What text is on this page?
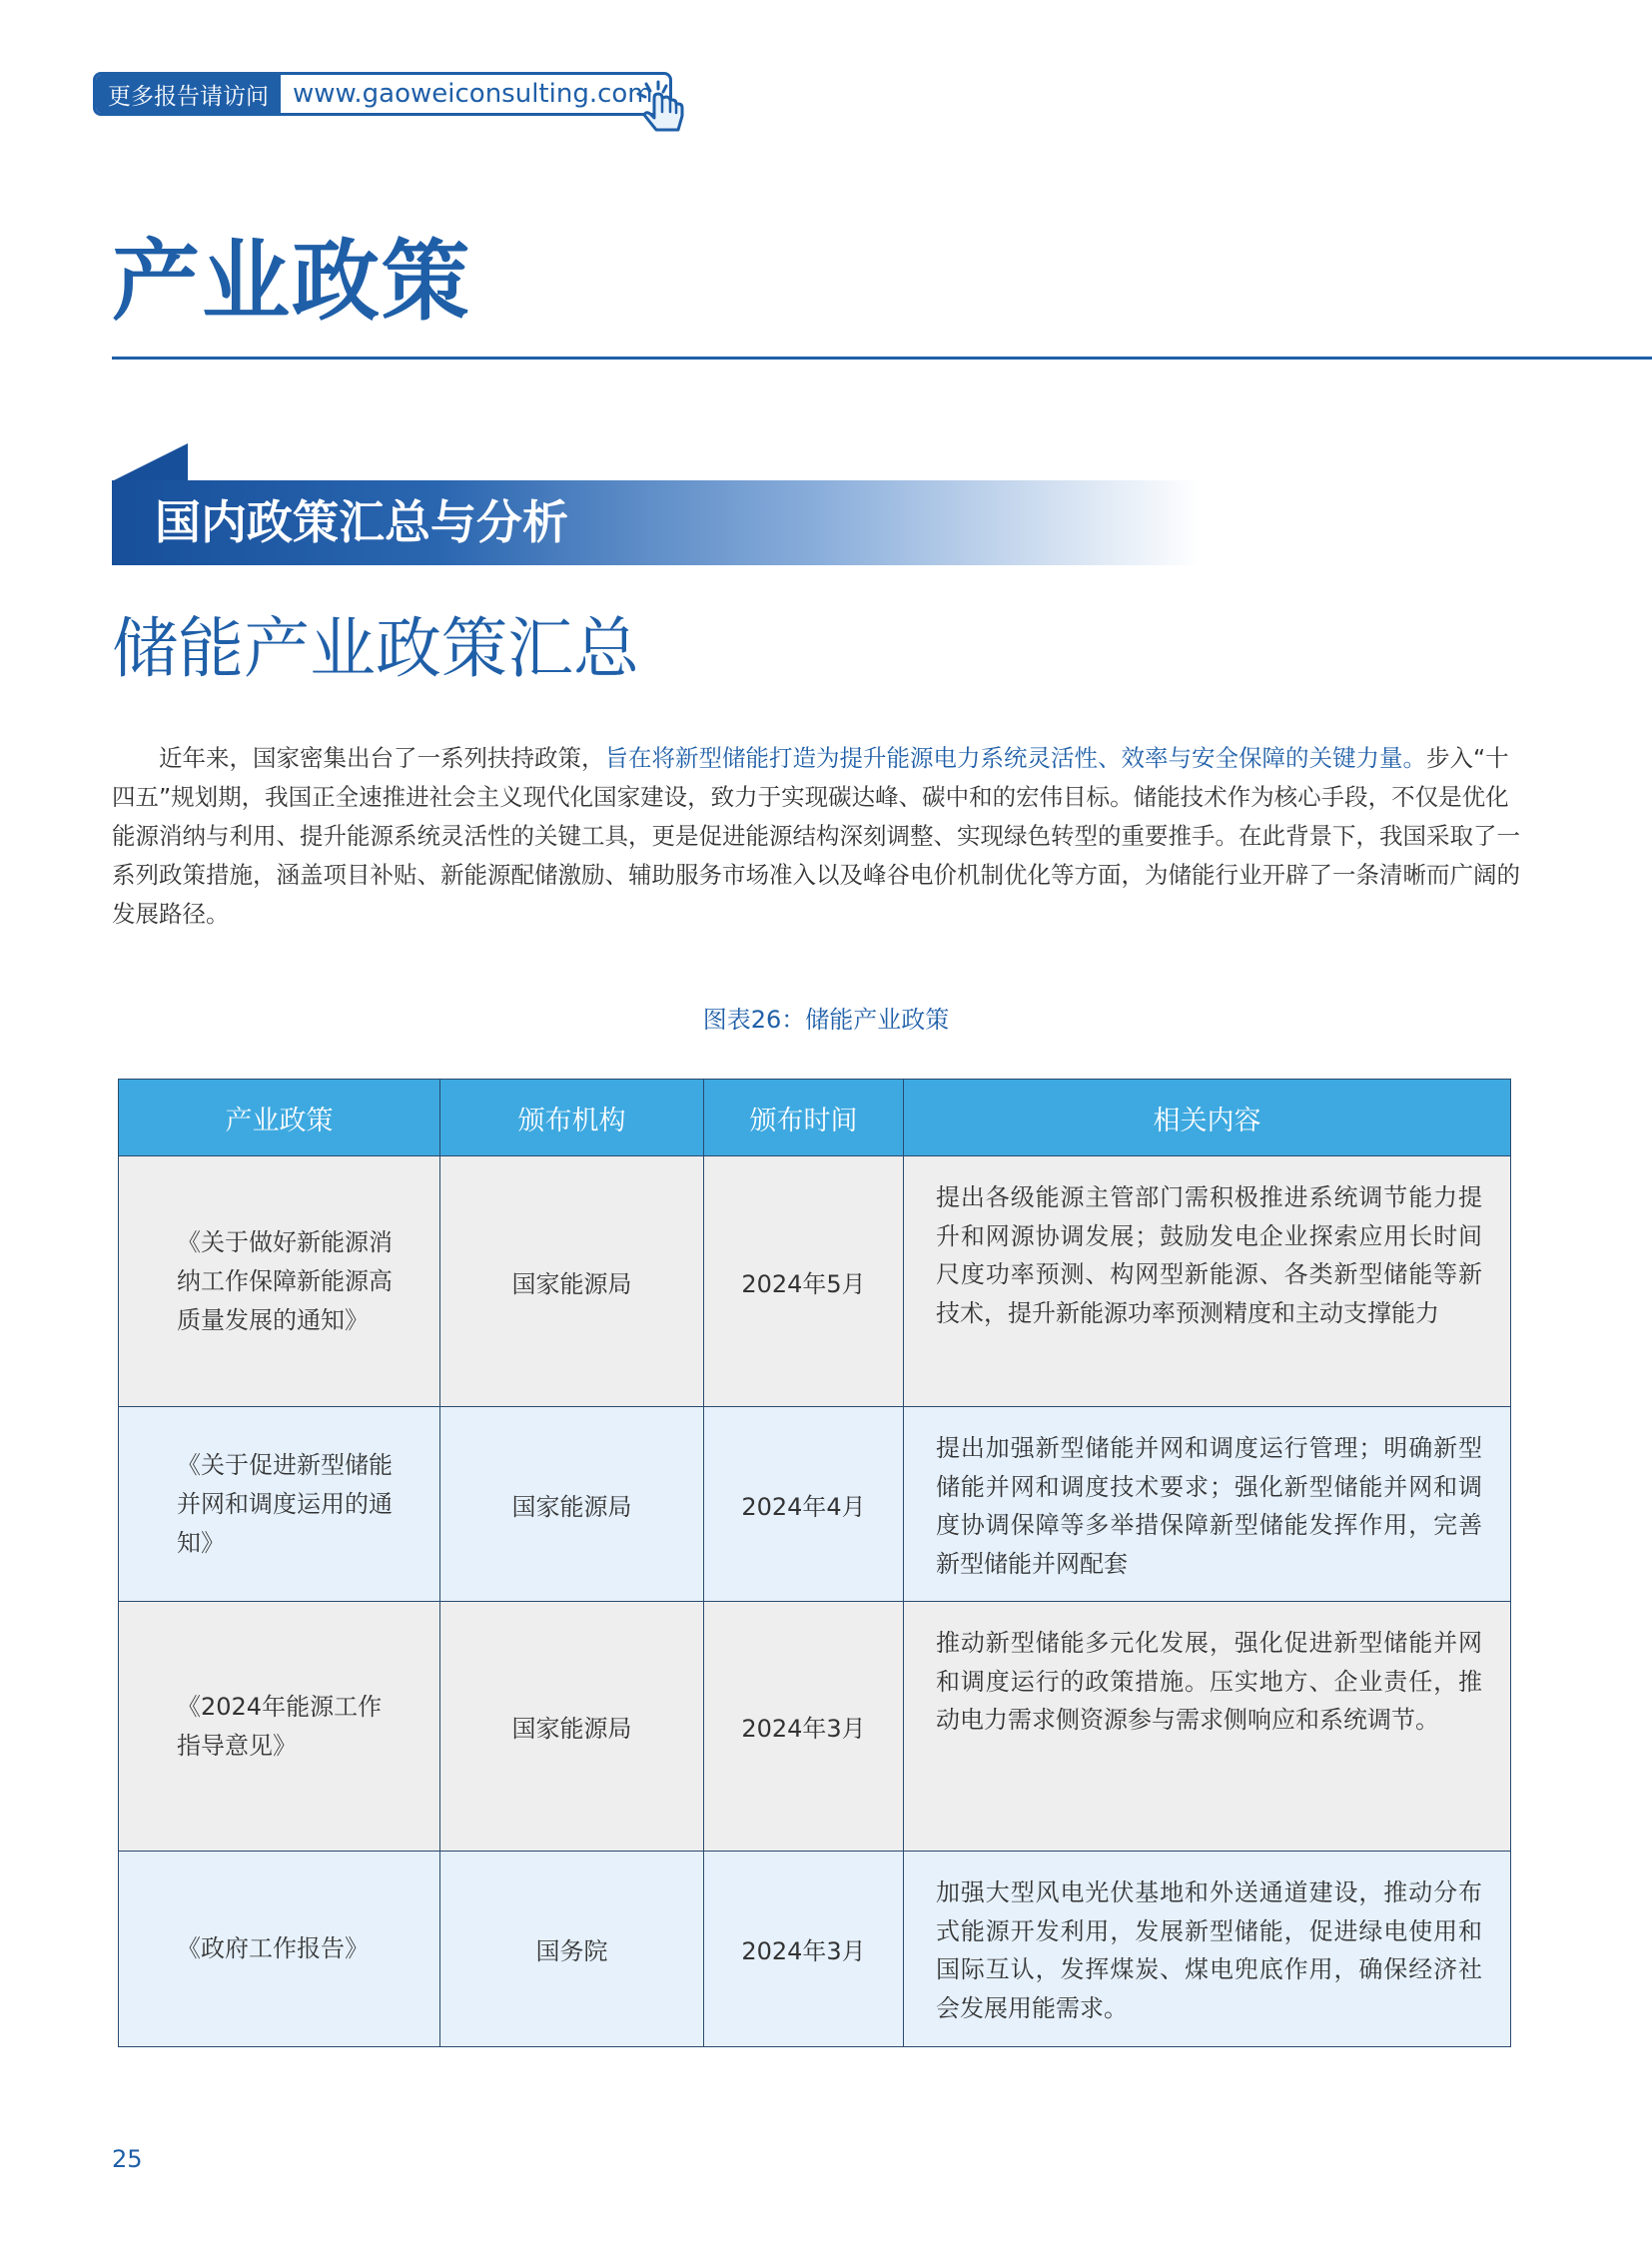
更多报告请访问 www.gaoweiconsulting.com
产业政策
国内政策汇总与分析
储能产业政策汇总
近年来，国家密集出台了一系列扶持政策，旨在将新型储能打造为提升能源电力系统灵活性、效率与安全保障的关键力量。步入“十四五”规划期，我国正全速推进社会主义现代化国家建设，致力于实现碳达峰、碳中和的宏伟目标。储能技术作为核心手段，不仅是优化能源消纳与利用、提升能源系统灵活性的关键工具，更是促进能源结构深刻调整、实现绿色转型的重要推手。在此背景下，我国采取了一系列政策措施，涵盖项目补贴、新能源配储激励、辅助服务市场准入以及峰谷电价机制优化等方面，为储能行业开辟了一条清晰而广阔的发展路径。
图表26：储能产业政策
产业政策	颁布机构	颁布时间	相关内容
《关于做好新能源消纳工作保障新能源高质量发展的通知》	国家能源局	2024年5月	提出各级能源主管部门需积极推进系统调节能力提升和网源协调发展；鼓励发电企业探索应用长时间尺度功率预测、构网型新能源、各类新型储能等新技术，提升新能源功率预测精度和主动支撑能力

《关于促进新型储能并网和调度运用的通知》	国家能源局	2024年4月	提出加强新型储能并网和调度运行管理；明确新型储能并网和调度技术要求；强化新型储能并网和调度协调保障等多举措保障新型储能发挥作用，完善新型储能并网配套

《2024年能源工作指导意见》	国家能源局	2024年3月	推动新型储能多元化发展，强化促进新型储能并网和调度运行的政策措施。压实地方、企业责任，推动电力需求侧资源参与需求侧响应和系统调节。

《政府工作报告》	国务院	2024年3月	加强大型风电光伏基地和外送通道建设，推动分布式能源开发利用，发展新型储能，促进绿电使用和国际互认，发挥煤炭、煤电兜底作用，确保经济社会发展用能需求。
25
